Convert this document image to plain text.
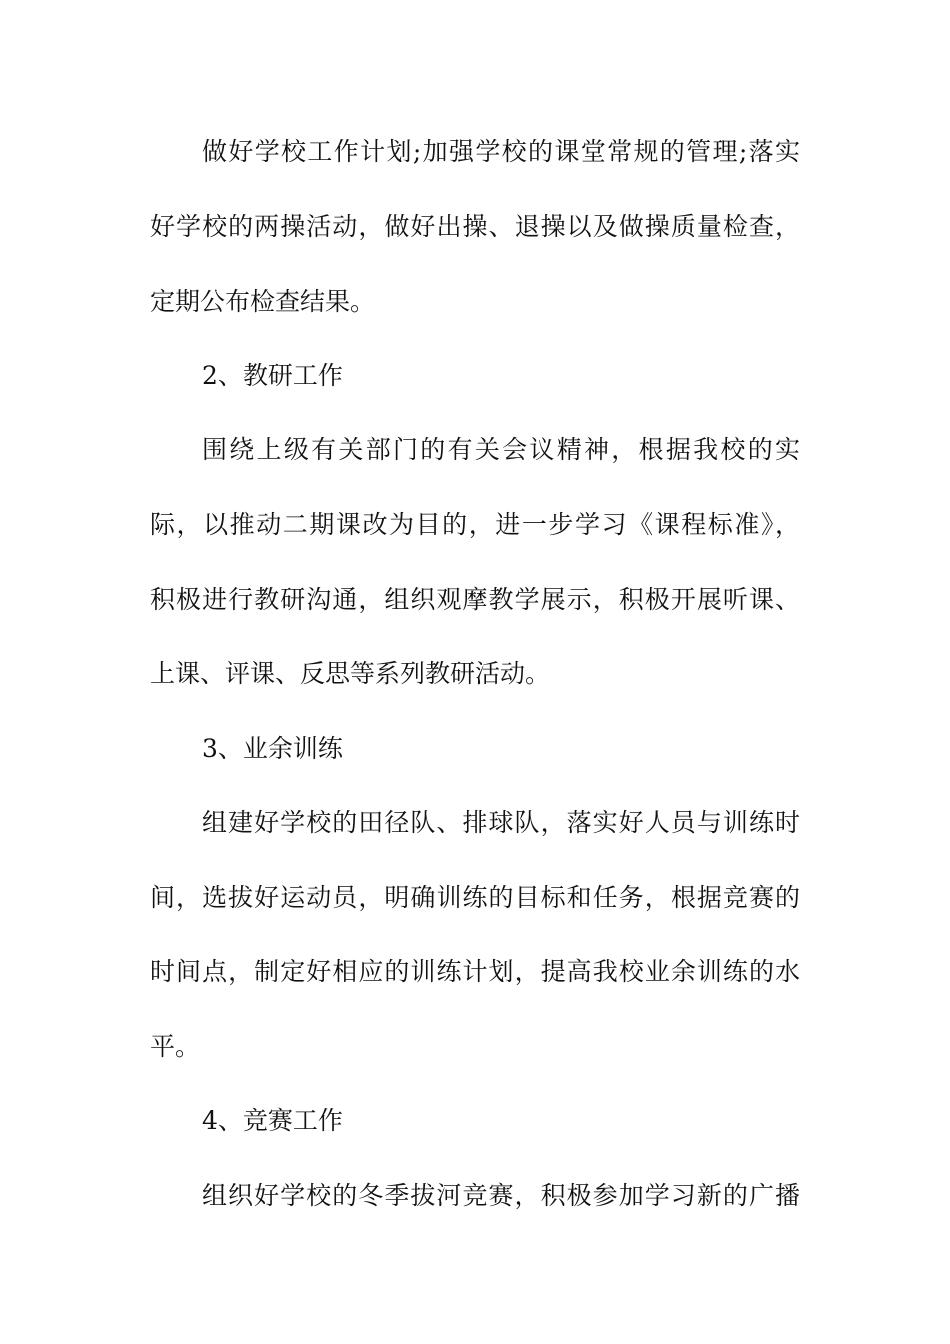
做好学校工作计划;加强学校的课堂常规的管理;落实
好学校的两操活动，做好出操、退操以及做操质量检查，
定期公布检查结果。
2、教研工作
围绕上级有关部门的有关会议精神，根据我校的实
际，以推动二期课改为目的，进一步学习《课程标准》，
积极进行教研沟通，组织观摩教学展示，积极开展听课、
上课、评课、反思等系列教研活动。
3、业余训练
组建好学校的田径队、排球队，落实好人员与训练时
间，选拔好运动员，明确训练的目标和任务，根据竞赛的
时间点，制定好相应的训练计划，提高我校业余训练的水
平。
4、竞赛工作
组织好学校的冬季拔河竞赛，积极参加学习新的广播
